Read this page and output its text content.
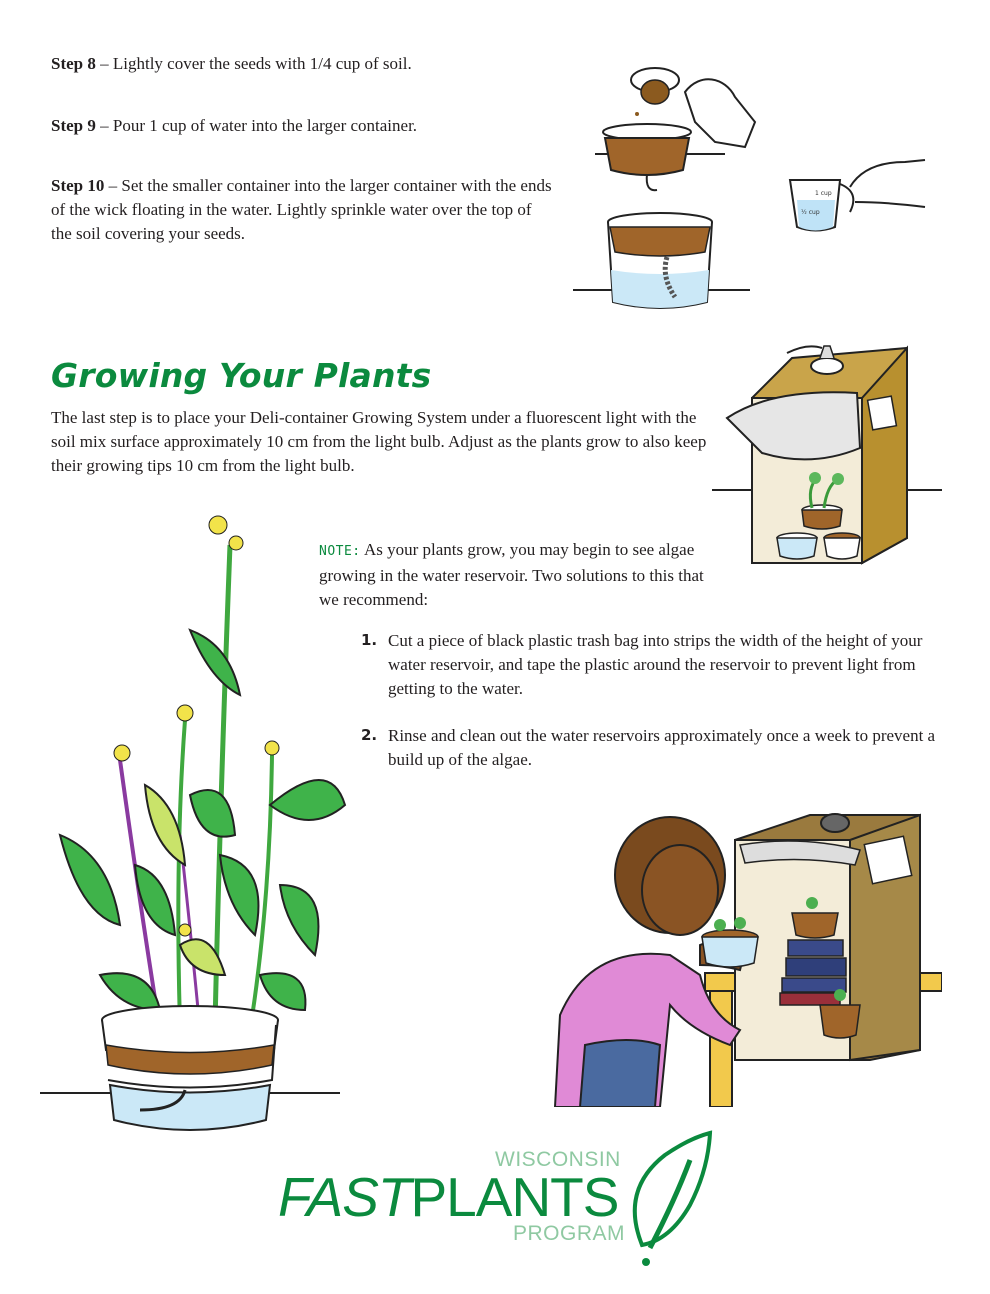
Step 8 – Lightly cover the seeds with 1/4 cup of soil.
Step 9 – Pour 1 cup of water into the larger container.
Step 10 – Set the smaller container into the larger container with the ends of the wick floating in the water. Lightly sprinkle water over the top of the soil covering your seeds.
1 cup
½ cup
Growing Your Plants
The last step is to place your Deli-container Growing System under a fluorescent light with the soil mix surface approximately 10 cm from the light bulb. Adjust as the plants grow to also keep their growing tips 10 cm from the light bulb.
NOTE: As your plants grow, you may begin to see algae growing in the water reservoir. Two solutions to this that we recommend:
1. Cut a piece of black plastic trash bag into strips the width of the height of your water reservoir, and tape the plastic around the reservoir to prevent light from getting to the water.
2. Rinse and clean out the water reservoirs approximately once a week to prevent a build up of the algae.
WISCONSIN
FASTPLANTS
PROGRAM
